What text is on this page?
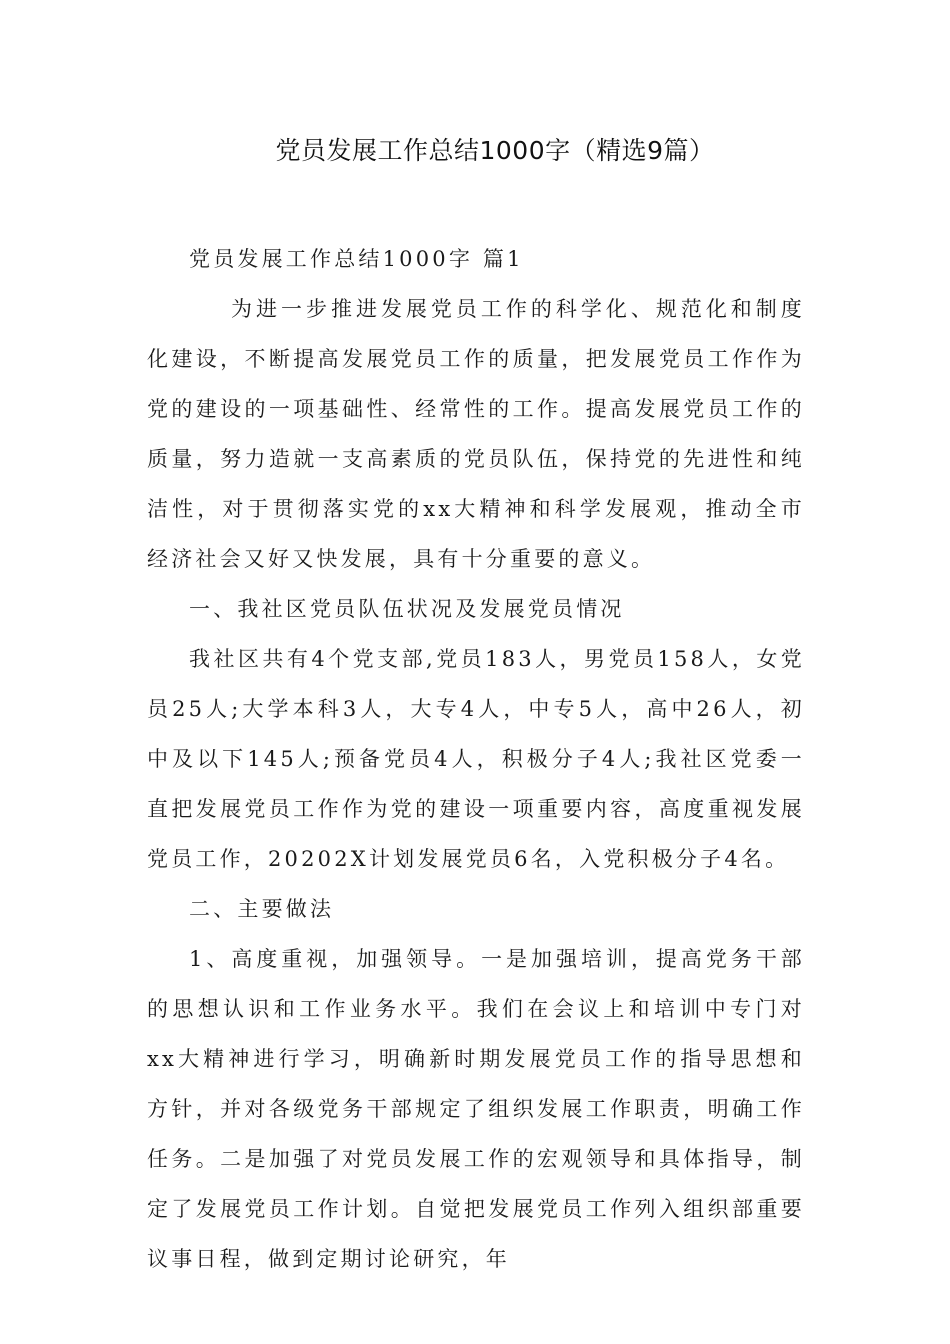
党员发展工作总结1000字（精选9篇）

党员发展工作总结1000字 篇1

为进一步推进发展党员工作的科学化、规范化和制度化建设，不断提高发展党员工作的质量，把发展党员工作作为党的建设的一项基础性、经常性的工作。提高发展党员工作的质量，努力造就一支高素质的党员队伍，保持党的先进性和纯洁性，对于贯彻落实党的xx大精神和科学发展观，推动全市经济社会又好又快发展，具有十分重要的意义。

一、我社区党员队伍状况及发展党员情况

我社区共有4个党支部,党员183人，男党员158人，女党员25人;大学本科3人，大专4人，中专5人，高中26人，初中及以下145人;预备党员4人，积极分子4人;我社区党委一直把发展党员工作作为党的建设一项重要内容，高度重视发展党员工作，20202X计划发展党员6名，入党积极分子4名。

二、主要做法

1、高度重视，加强领导。一是加强培训，提高党务干部的思想认识和工作业务水平。我们在会议上和培训中专门对xx大精神进行学习，明确新时期发展党员工作的指导思想和方针，并对各级党务干部规定了组织发展工作职责，明确工作任务。二是加强了对党员发展工作的宏观领导和具体指导，制定了发展党员工作计划。自觉把发展党员工作列入组织部重要议事日程，做到定期讨论研究，年
